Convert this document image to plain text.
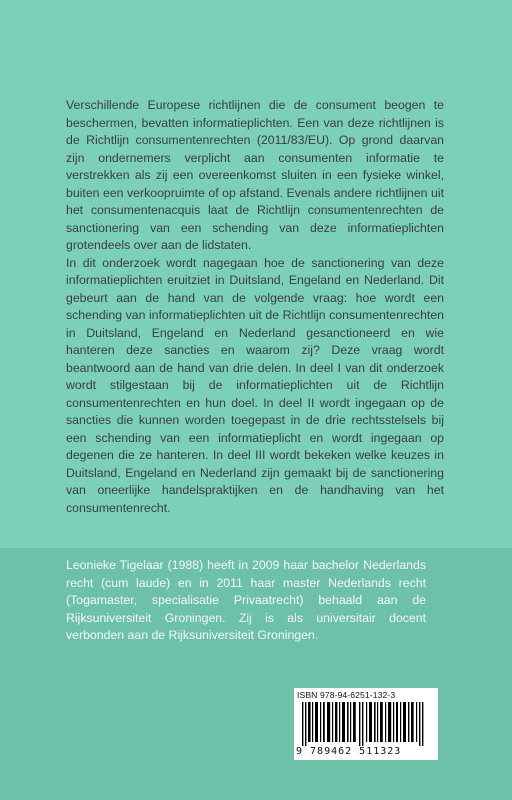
Verschillende Europese richtlijnen die de consument beogen te beschermen, bevatten informatieplichten. Een van deze richtlijnen is de Richtlijn consumentenrechten (2011/83/EU). Op grond daarvan zijn ondernemers verplicht aan consumenten informatie te verstrekken als zij een overeenkomst sluiten in een fysieke winkel, buiten een verkoopruimte of op afstand. Evenals andere richtlijnen uit het consumentenacquis laat de Richtlijn consumentenrechten de sanctionering van een schending van deze informatieplichten grotendeels over aan de lidstaten.

In dit onderzoek wordt nagegaan hoe de sanctionering van deze informatieplichten eruitziet in Duitsland, Engeland en Nederland. Dit gebeurt aan de hand van de volgende vraag: hoe wordt een schending van informatieplichten uit de Richtlijn consumentenrechten in Duitsland, Engeland en Nederland gesanctioneerd en wie hanteren deze sancties en waarom zij? Deze vraag wordt beantwoord aan de hand van drie delen. In deel I van dit onderzoek wordt stilgestaan bij de informatieplichten uit de Richtlijn consumentenrechten en hun doel. In deel II wordt ingegaan op de sancties die kunnen worden toegepast in de drie rechtsstelsels bij een schending van een informatieplicht en wordt ingegaan op degenen die ze hanteren. In deel III wordt bekeken welke keuzes in Duitsland, Engeland en Nederland zijn gemaakt bij de sanctionering van oneerlijke handelspraktijken en de handhaving van het consumentenrecht.

Leonieke Tigelaar (1988) heeft in 2009 haar bachelor Nederlands recht (cum laude) en in 2011 haar master Nederlands recht (Togamaster, specialisatie Privaatrecht) behaald aan de Rijksuniversiteit Groningen. Zij is als universitair docent verbonden aan de Rijksuniversiteit Groningen.

ISBN 978-94-6251-132-3
9 789462 511323
